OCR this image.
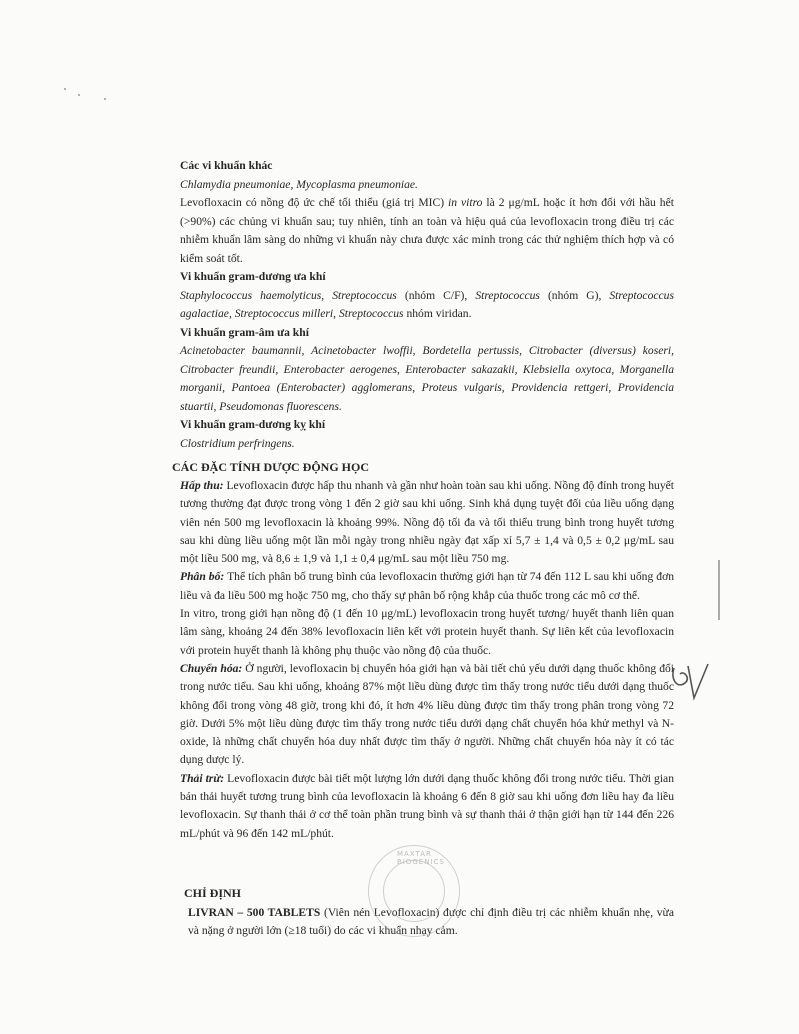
Các vi khuẩn khác

Chlamydia pneumoniae, Mycoplasma pneumoniae.

Levofloxacin có nồng độ ức chế tối thiểu (giá trị MIC) in vitro là 2 μg/mL hoặc ít hơn đối với hầu hết (>90%) các chủng vi khuẩn sau; tuy nhiên, tính an toàn và hiệu quả của levofloxacin trong điều trị các nhiễm khuẩn lâm sàng do những vi khuẩn này chưa được xác minh trong các thử nghiệm thích hợp và có kiểm soát tốt.

Vi khuẩn gram-dương ưa khí

Staphylococcus haemolyticus, Streptococcus (nhóm C/F), Streptococcus (nhóm G), Streptococcus agalactiae, Streptococcus milleri, Streptococcus nhóm viridan.

Vi khuẩn gram-âm ưa khí

Acinetobacter baumannii, Acinetobacter lwoffii, Bordetella pertussis, Citrobacter (diversus) koseri, Citrobacter freundii, Enterobacter aerogenes, Enterobacter sakazakii, Klebsiella oxytoca, Morganella morganii, Pantoea (Enterobacter) agglomerans, Proteus vulgaris, Providencia rettgeri, Providencia stuartii, Pseudomonas fluorescens.

Vi khuẩn gram-dương kỵ khí

Clostridium perfringens.

CÁC ĐẶC TÍNH DƯỢC ĐỘNG HỌC

Hấp thu: Levofloxacin được hấp thu nhanh và gần như hoàn toàn sau khi uống. Nồng độ đỉnh trong huyết tương thường đạt được trong vòng 1 đến 2 giờ sau khi uống. Sinh khả dụng tuyệt đối của liều uống dạng viên nén 500 mg levofloxacin là khoảng 99%. Nồng độ tối đa và tối thiểu trung bình trong huyết tương sau khi dùng liều uống một lần mỗi ngày trong nhiều ngày đạt xấp xỉ 5,7 ± 1,4 và 0,5 ± 0,2 μg/mL sau một liều 500 mg, và 8,6 ± 1,9 và 1,1 ± 0,4 μg/mL sau một liều 750 mg.

Phân bố: Thể tích phân bố trung bình của levofloxacin thường giới hạn từ 74 đến 112 L sau khi uống đơn liều và đa liều 500 mg hoặc 750 mg, cho thấy sự phân bố rộng khắp của thuốc trong các mô cơ thể.

In vitro, trong giới hạn nồng độ (1 đến 10 μg/mL) levofloxacin trong huyết tương/ huyết thanh liên quan lâm sàng, khoảng 24 đến 38% levofloxacin liên kết với protein huyết thanh. Sự liên kết của levofloxacin với protein huyết thanh là không phụ thuộc vào nồng độ của thuốc.

Chuyển hóa: Ở người, levofloxacin bị chuyển hóa giới hạn và bài tiết chủ yếu dưới dạng thuốc không đổi trong nước tiểu. Sau khi uống, khoảng 87% một liều dùng được tìm thấy trong nước tiểu dưới dạng thuốc không đổi trong vòng 48 giờ, trong khi đó, ít hơn 4% liều dùng được tìm thấy trong phân trong vòng 72 giờ. Dưới 5% một liều dùng được tìm thấy trong nước tiểu dưới dạng chất chuyển hóa khử methyl và N-oxide, là những chất chuyển hóa duy nhất được tìm thấy ở người. Những chất chuyển hóa này ít có tác dụng dược lý.

Thải trừ: Levofloxacin được bài tiết một lượng lớn dưới dạng thuốc không đổi trong nước tiểu. Thời gian bán thải huyết tương trung bình của levofloxacin là khoảng 6 đến 8 giờ sau khi uống đơn liều hay đa liều levofloxacin. Sự thanh thải ở cơ thể toàn phần trung bình và sự thanh thải ở thận giới hạn từ 144 đến 226 mL/phút và 96 đến 142 mL/phút.

CHỈ ĐỊNH

LIVRAN – 500 TABLETS (Viên nén Levofloxacin) được chỉ định điều trị các nhiễm khuẩn nhẹ, vừa và nặng ở người lớn (≥18 tuổi) do các vi khuẩn nhạy cảm.

MAXTAR BIOGENICS
